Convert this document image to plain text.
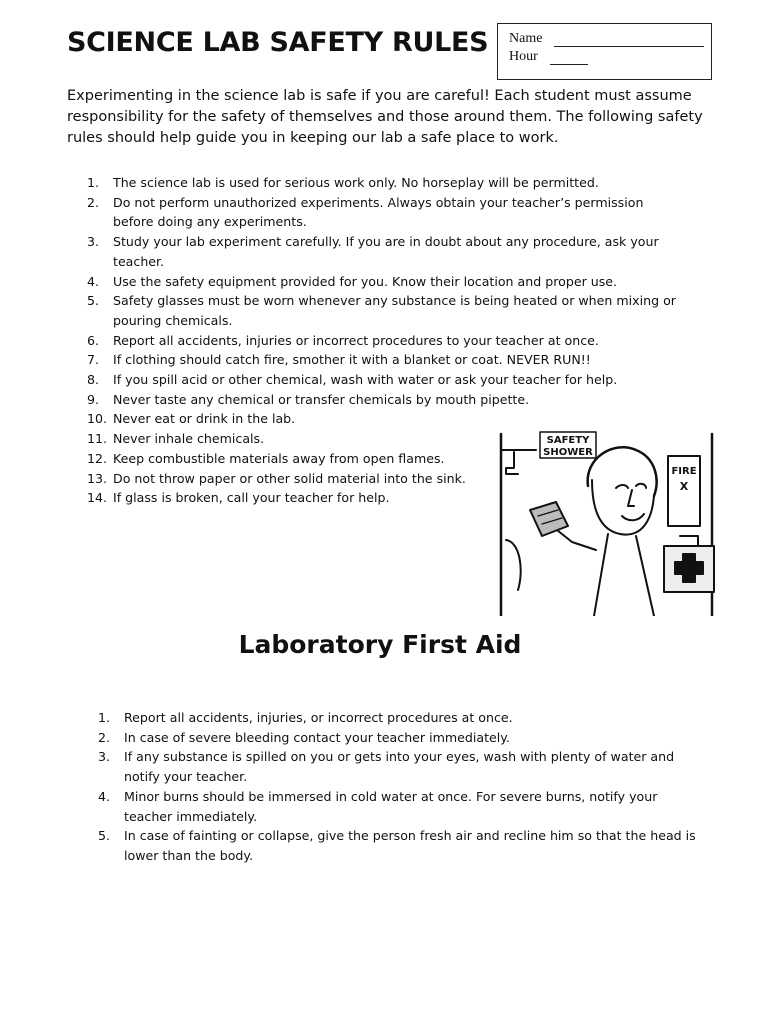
SCIENCE LAB SAFETY RULES Name
Hour

Experimenting in the science lab is safe if you are careful! Each student must assume responsibility for the safety of themselves and those around them. The following safety rules should help guide you in keeping our lab a safe place to work.

1. The science lab is used for serious work only. No horseplay will be permitted.
2. Do not perform unauthorized experiments. Always obtain your teacher’s permission before doing any experiments.
3. Study your lab experiment carefully. If you are in doubt about any procedure, ask your teacher.
4. Use the safety equipment provided for you. Know their location and proper use.
5. Safety glasses must be worn whenever any substance is being heated or when mixing or pouring chemicals.
6. Report all accidents, injuries or incorrect procedures to your teacher at once.
7. If clothing should catch fire, smother it with a blanket or coat. NEVER RUN!!
8. If you spill acid or other chemical, wash with water or ask your teacher for help.
9. Never taste any chemical or transfer chemicals by mouth pipette.
10. Never eat or drink in the lab.
11. Never inhale chemicals.
12. Keep combustible materials away from open flames.
13. Do not throw paper or other solid material into the sink.
14. If glass is broken, call your teacher for help.
SAFETY
SHOWER
FIRE
X
Laboratory First Aid
1. Report all accidents, injuries, or incorrect procedures at once.
2. In case of severe bleeding contact your teacher immediately.
3. If any substance is spilled on you or gets into your eyes, wash with plenty of water and notify your teacher.
4. Minor burns should be immersed in cold water at once. For severe burns, notify your teacher immediately.
5. In case of fainting or collapse, give the person fresh air and recline him so that the head is lower than the body.
